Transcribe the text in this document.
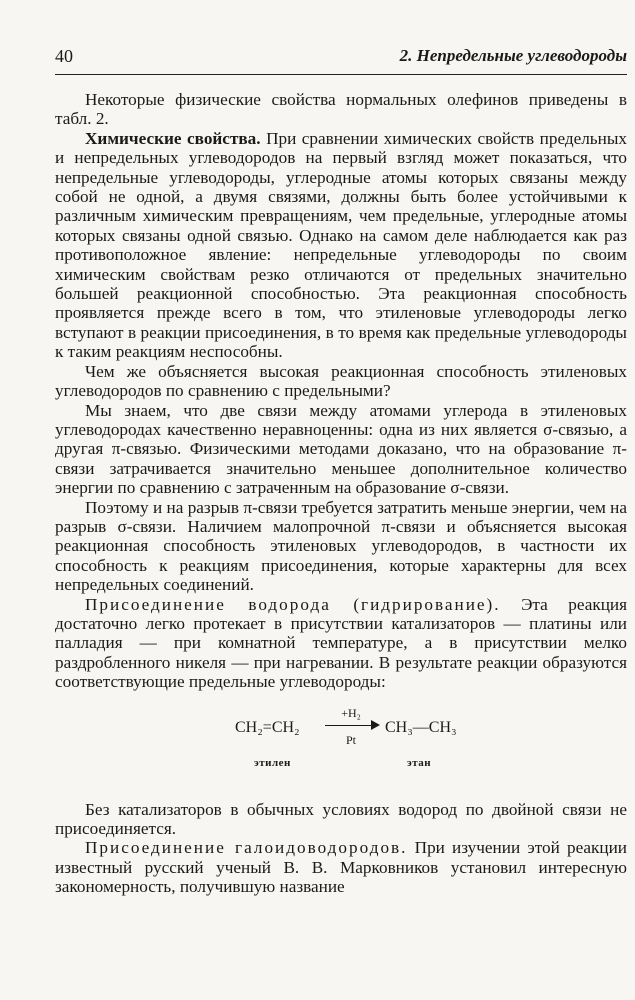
40	2. Непредельные углеводороды

Некоторые физические свойства нормальных олефинов приведены в табл. 2.

Химические свойства. При сравнении химических свойств предельных и непредельных углеводородов на первый взгляд может показаться, что непредельные углеводороды, углеродные атомы которых связаны между собой не одной, а двумя связями, должны быть более устойчивыми к различным химическим превращениям, чем предельные, углеродные атомы которых связаны одной связью. Однако на самом деле наблюдается как раз противоположное явление: непредельные углеводороды по своим химическим свойствам резко отличаются от предельных значительно большей реакционной способностью. Эта реакционная способность проявляется прежде всего в том, что этиленовые углеводороды легко вступают в реакции присоединения, в то время как предельные углеводороды к таким реакциям неспособны.

Чем же объясняется высокая реакционная способность этиленовых углеводородов по сравнению с предельными?

Мы знаем, что две связи между атомами углерода в этиленовых углеводородах качественно неравноценны: одна из них является σ-связью, а другая π-связью. Физическими методами доказано, что на образование π-связи затрачивается значительно меньшее дополнительное количество энергии по сравнению с затраченным на образование σ-связи.

Поэтому и на разрыв π-связи требуется затратить меньше энергии, чем на разрыв σ-связи. Наличием малопрочной π-связи и объясняется высокая реакционная способность этиленовых углеводородов, в частности их способность к реакциям присоединения, которые характерны для всех непредельных соединений.

Присоединение водорода (гидрирование). Эта реакция достаточно легко протекает в присутствии катализаторов — платины или палладия — при комнатной температуре, а в присутствии мелко раздробленного никеля — при нагревании. В результате реакции образуются соответствующие предельные углеводороды:

CH₂=CH₂
+H₂
Pt
CH₃—CH₃
этилен	этан

Без катализаторов в обычных условиях водород по двойной связи не присоединяется.

Присоединение галоидоводородов. При изучении этой реакции известный русский ученый В. В. Марковников установил интересную закономерность, получившую название
